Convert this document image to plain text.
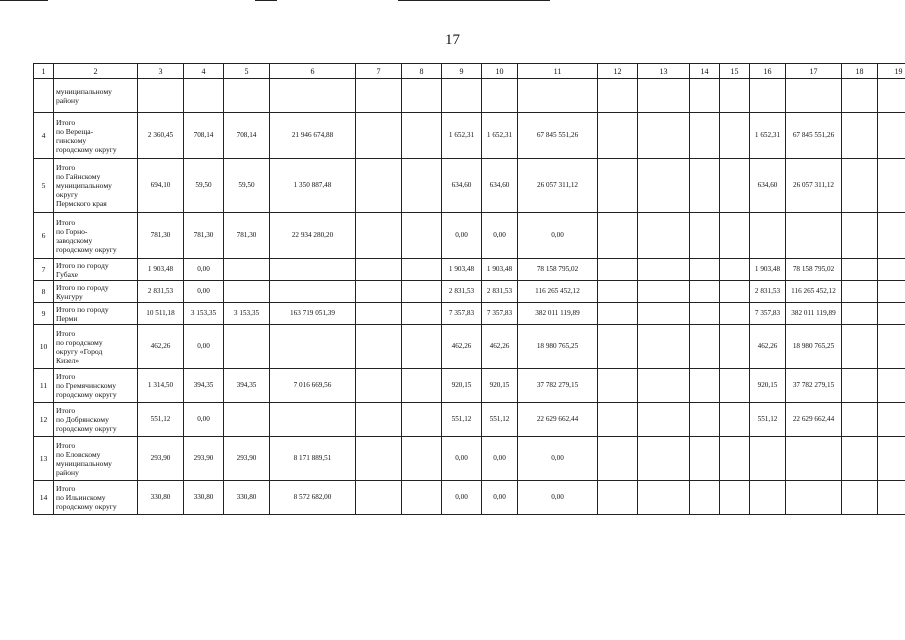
17
1	2	3	4	5	6	7	8	9	10	11	12	13	14	15	16	17	18	19
	муниципальному
району																	
4	Итого
по Вереща-
гинскому
городскому округу	2 360,45	708,14	708,14	21 946 674,88			1 652,31	1 652,31	67 845 551,26					1 652,31	67 845 551,26		
5	Итого
по Гайнскому
муниципальному
округу
Пермского края	694,10	59,50	59,50	1 350 887,48			634,60	634,60	26 057 311,12					634,60	26 057 311,12		
6	Итого
по Горно-
заводскому
городскому округу	781,30	781,30	781,30	22 934 280,20			0,00	0,00	0,00								
7	Итого по городу
Губахе	1 903,48	0,00					1 903,48	1 903,48	78 158 795,02					1 903,48	78 158 795,02		
8	Итого по городу
Кунгуру	2 831,53	0,00					2 831,53	2 831,53	116 265 452,12					2 831,53	116 265 452,12		
9	Итого по городу
Перми	10 511,18	3 153,35	3 153,35	163 719 051,39			7 357,83	7 357,83	382 011 119,89					7 357,83	382 011 119,89		
10	Итого
по городскому
округу «Город
Кизел»	462,26	0,00					462,26	462,26	18 980 765,25					462,26	18 980 765,25		
11	Итого
по Гремячинскому
городскому округу	1 314,50	394,35	394,35	7 016 669,56			920,15	920,15	37 782 279,15					920,15	37 782 279,15		
12	Итого
по Добрянскому
городскому округу	551,12	0,00					551,12	551,12	22 629 662,44					551,12	22 629 662,44		
13	Итого
по Еловскому
муниципальному
району	293,90	293,90	293,90	8 171 889,51			0,00	0,00	0,00								
14	Итого
по Ильинскому
городскому округу	330,80	330,80	330,80	8 572 682,00			0,00	0,00	0,00								
